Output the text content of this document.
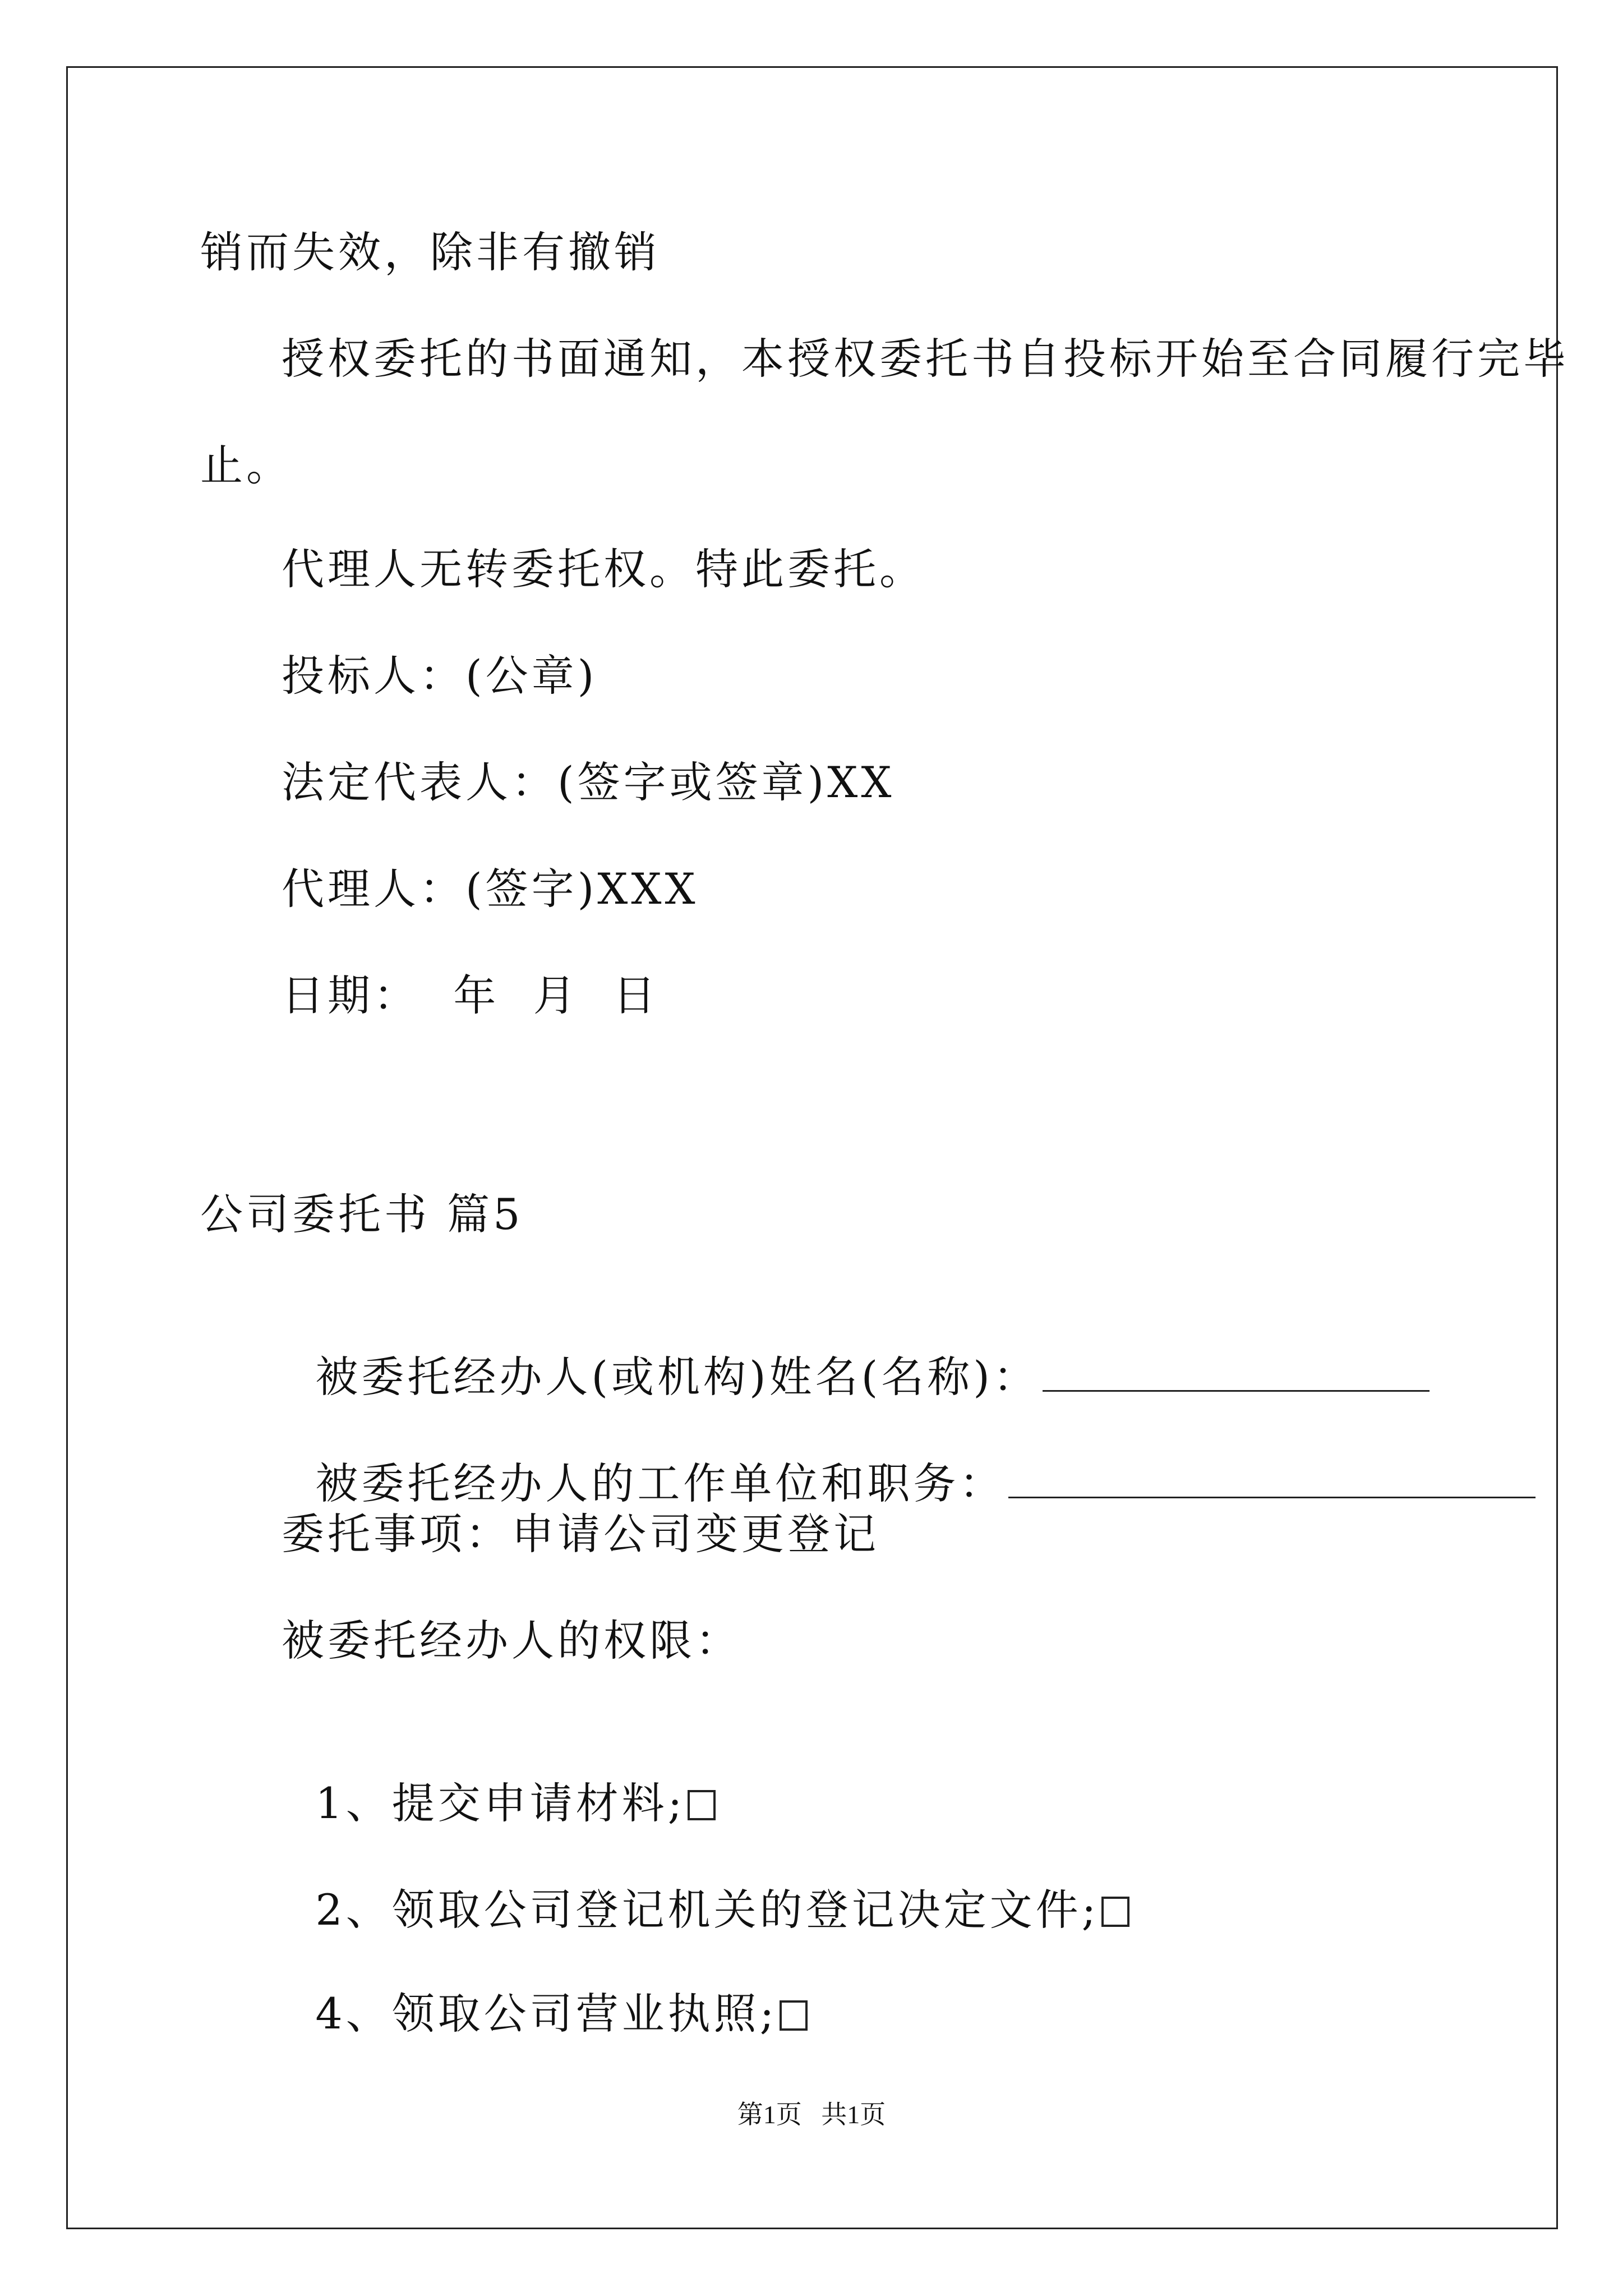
销而失效，除非有撤销
授权委托的书面通知，本授权委托书自投标开始至合同履行完毕
止。
代理人无转委托权。特此委托。
投标人：(公章)
法定代表人：(签字或签章)XX
代理人：(签字)XXX
日期：  年  月  日
公司委托书 篇5

被委托经办人(或机构)姓名(名称)：

被委托经办人的工作单位和职务：

委托事项：申请公司变更登记
被委托经办人的权限：

1、提交申请材料;

2、领取公司登记机关的登记决定文件;

4、领取公司营业执照;

第1页   共1页
